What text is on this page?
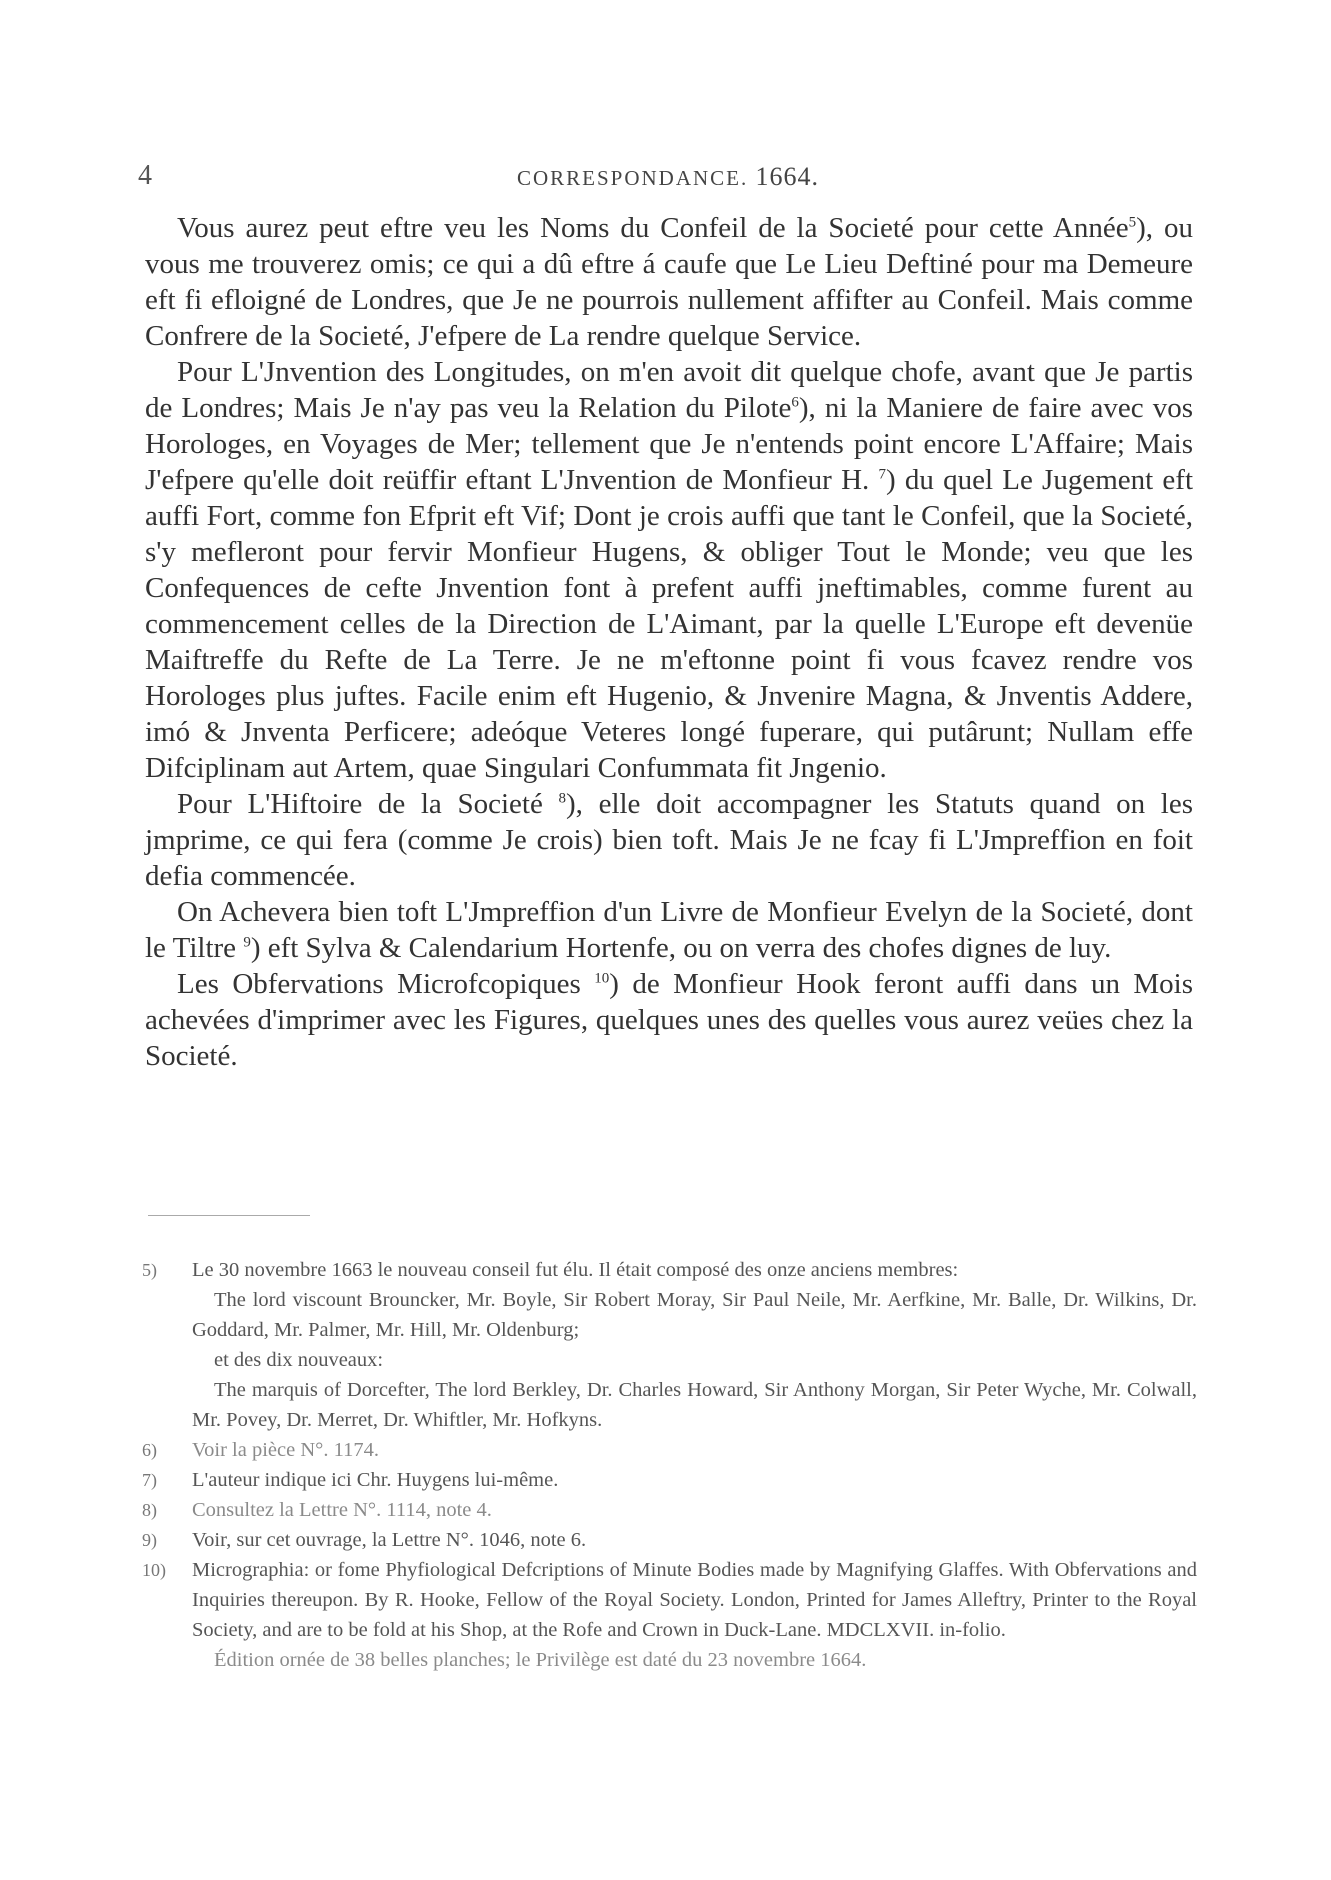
4	CORRESPONDANCE. 1664.

Vous aurez peut eftre veu les Noms du Confeil de la Societé pour cette Année$^5$), ou vous me trouverez omis; ce qui a dû eftre á caufe que Le Lieu Deftiné pour ma Demeure eft fi efloigné de Londres, que Je ne pourrois nullement affifter au Confeil. Mais comme Confrere de la Societé, J'efpere de La rendre quelque Service.

Pour L'Jnvention des Longitudes, on m'en avoit dit quelque chofe, avant que Je partis de Londres; Mais Je n'ay pas veu la Relation du Pilote$^6$), ni la Maniere de faire avec vos Horologes, en Voyages de Mer; tellement que Je n'entends point encore L'Affaire; Mais J'efpere qu'elle doit reüffir eftant L'Jnvention de Monfieur H. $^7$) du quel Le Jugement eft auffi Fort, comme fon Efprit eft Vif; Dont je crois auffi que tant le Confeil, que la Societé, s'y mefleront pour fervir Monfieur Hugens, & obliger Tout le Monde; veu que les Confequences de cefte Jnvention font à prefent auffi jneftimables, comme furent au commencement celles de la Direction de L'Aimant, par la quelle L'Europe eft devenüe Maiftreffe du Refte de La Terre. Je ne m'eftonne point fi vous fcavez rendre vos Horologes plus juftes. Facile enim eft Hugenio, & Jnvenire Magna, & Jnventis Addere, imó & Jnventa Perficere; adeóque Veteres longé fuperare, qui putârunt; Nullam effe Difciplinam aut Artem, quae Singulari Confummata fit Jngenio.

Pour L'Hiftoire de la Societé $^8$), elle doit accompagner les Statuts quand on les jmprime, ce qui fera (comme Je crois) bien toft. Mais Je ne fcay fi L'Jmpreffion en foit defia commencée.

On Achevera bien toft L'Jmpreffion d'un Livre de Monfieur Evelyn de la Societé, dont le Tiltre $^9$) eft Sylva & Calendarium Hortenfe, ou on verra des chofes dignes de luy.

Les Obfervations Microfcopiques $^{10}$) de Monfieur Hook feront auffi dans un Mois achevées d'imprimer avec les Figures, quelques unes des quelles vous aurez veües chez la Societé.

5)	Le 30 novembre 1663 le nouveau conseil fut élu. Il était composé des onze anciens membres:
The lord viscount Brouncker, Mr. Boyle, Sir Robert Moray, Sir Paul Neile, Mr. Aerfkine, Mr. Balle, Dr. Wilkins, Dr. Goddard, Mr. Palmer, Mr. Hill, Mr. Oldenburg;
et des dix nouveaux:
The marquis of Dorcefter, The lord Berkley, Dr. Charles Howard, Sir Anthony Morgan, Sir Peter Wyche, Mr. Colwall, Mr. Povey, Dr. Merret, Dr. Whiftler, Mr. Hofkyns.

6)	Voir la pièce N°. 1174.

7)	L'auteur indique ici Chr. Huygens lui-même.

8)	Consultez la Lettre N°. 1114, note 4.

9)	Voir, sur cet ouvrage, la Lettre N°. 1046, note 6.

10)	Micrographia: or fome Phyfiological Defcriptions of Minute Bodies made by Magnifying Glaffes. With Obfervations and Inquiries thereupon. By R. Hooke, Fellow of the Royal Society. London, Printed for James Alleftry, Printer to the Royal Society, and are to be fold at his Shop, at the Rofe and Crown in Duck-Lane. MDCLXVII. in-folio.
Édition ornée de 38 belles planches; le Privilège est daté du 23 novembre 1664.
